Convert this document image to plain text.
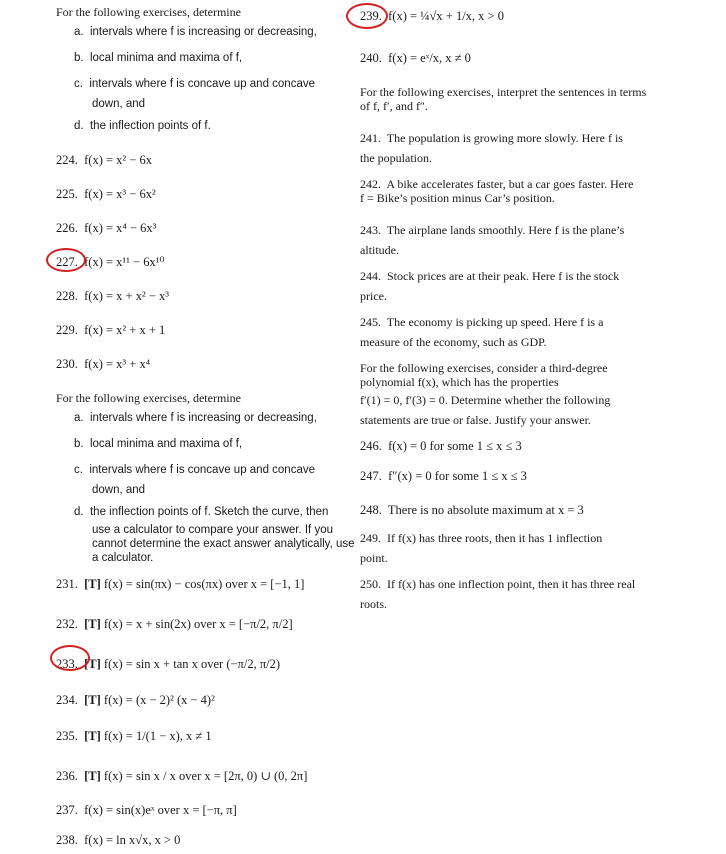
For the following exercises, determine
a. intervals where f is increasing or decreasing,
b. local minima and maxima of f,
c. intervals where f is concave up and concave
down, and
d. the inflection points of f.
224. f(x) = x² − 6x
225. f(x) = x³ − 6x²
226. f(x) = x⁴ − 6x³
227. f(x) = x¹¹ − 6x¹⁰
228. f(x) = x + x² − x³
229. f(x) = x² + x + 1
230. f(x) = x³ + x⁴
For the following exercises, determine
a. intervals where f is increasing or decreasing,
b. local minima and maxima of f,
c. intervals where f is concave up and concave
down, and
d. the inflection points of f. Sketch the curve, then
use a calculator to compare your answer. If you
cannot determine the exact answer analytically, use
a calculator.
231. [T] f(x) = sin(πx) − cos(πx) over x = [−1, 1]
232. [T] f(x) = x + sin(2x) over x = [−π/2, π/2]
233. [T] f(x) = sin x + tan x over (−π/2, π/2)
234. [T] f(x) = (x − 2)² (x − 4)²
235. [T] f(x) = 1/(1 − x), x ≠ 1
236. [T] f(x) = sin x / x over x = [2π, 0) ∪ (0, 2π]
237. f(x) = sin(x)eˣ over x = [−π, π]
238. f(x) = ln x√x, x > 0
239. f(x) = ¼√x + 1/x, x > 0
240. f(x) = eˣ/x, x ≠ 0
For the following exercises, interpret the sentences in terms
of f, f′, and f″.
241. The population is growing more slowly. Here f is
the population.
242. A bike accelerates faster, but a car goes faster. Here
f = Bike’s position minus Car’s position.
243. The airplane lands smoothly. Here f is the plane’s
altitude.
244. Stock prices are at their peak. Here f is the stock
price.
245. The economy is picking up speed. Here f is a
measure of the economy, such as GDP.
For the following exercises, consider a third-degree
polynomial f(x), which has the properties
f′(1) = 0, f′(3) = 0. Determine whether the following
statements are true or false. Justify your answer.
246. f(x) = 0 for some 1 ≤ x ≤ 3
247. f″(x) = 0 for some 1 ≤ x ≤ 3
248. There is no absolute maximum at x = 3
249. If f(x) has three roots, then it has 1 inflection
point.
250. If f(x) has one inflection point, then it has three real
roots.
